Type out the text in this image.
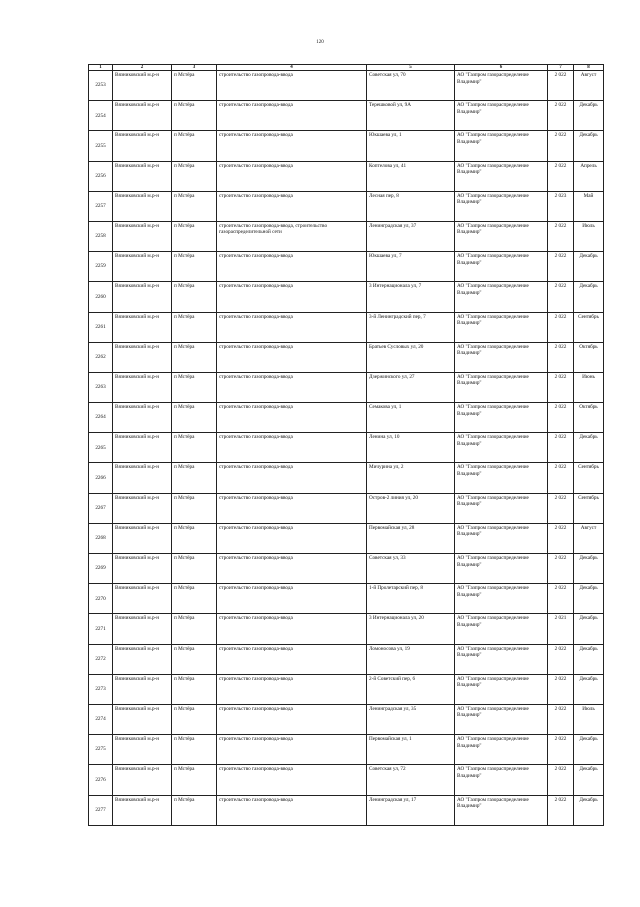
120
1	2	3	4	5	6	7	8
2253	Вязниковский м.р-н	п Мстёра	строительство газопровода-ввода	Советская ул, 70	АО "Газпром газораспределение Владимир"	2 022	Август
2254	Вязниковский м.р-н	п Мстёра	строительство газопровода-ввода	Терешковой ул, 9А	АО "Газпром газораспределение Владимир"	2 022	Декабрь
2255	Вязниковский м.р-н	п Мстёра	строительство газопровода-ввода	Юкшаева ул, 1	АО "Газпром газораспределение Владимир"	2 022	Декабрь
2256	Вязниковский м.р-н	п Мстёра	строительство газопровода-ввода	Коптелова ул, 41	АО "Газпром газораспределение Владимир"	2 022	Апрель
2257	Вязниковский м.р-н	п Мстёра	строительство газопровода-ввода	Лесная пер, 8	АО "Газпром газораспределение Владимир"	2 023	Май
2258	Вязниковский м.р-н	п Мстёра	строительство газопровода-ввода, строительство газораспределительной сети	Ленинградская ул, 37	АО "Газпром газораспределение Владимир"	2 022	Июль
2259	Вязниковский м.р-н	п Мстёра	строительство газопровода-ввода	Юкшаева ул, 7	АО "Газпром газораспределение Владимир"	2 022	Декабрь
2260	Вязниковский м.р-н	п Мстёра	строительство газопровода-ввода	3 Интернационала ул, 7	АО "Газпром газораспределение Владимир"	2 022	Декабрь
2261	Вязниковский м.р-н	п Мстёра	строительство газопровода-ввода	3-й Ленинградский пер, 7	АО "Газпром газораспределение Владимир"	2 022	Сентябрь
2262	Вязниковский м.р-н	п Мстёра	строительство газопровода-ввода	Братьев Сусловых ул, 20	АО "Газпром газораспределение Владимир"	2 022	Октябрь
2263	Вязниковский м.р-н	п Мстёра	строительство газопровода-ввода	Дзержинского ул, 27	АО "Газпром газораспределение Владимир"	2 022	Июнь
2264	Вязниковский м.р-н	п Мстёра	строительство газопровода-ввода	Семакова ул, 1	АО "Газпром газораспределение Владимир"	2 022	Октябрь
2265	Вязниковский м.р-н	п Мстёра	строительство газопровода-ввода	Ленина ул, 10	АО "Газпром газораспределение Владимир"	2 022	Декабрь
2266	Вязниковский м.р-н	п Мстёра	строительство газопровода-ввода	Мичурина ул, 2	АО "Газпром газораспределение Владимир"	2 022	Сентябрь
2267	Вязниковский м.р-н	п Мстёра	строительство газопровода-ввода	Остров-2 линия ул, 20	АО "Газпром газораспределение Владимир"	2 022	Сентябрь
2268	Вязниковский м.р-н	п Мстёра	строительство газопровода-ввода	Первомайская ул, 28	АО "Газпром газораспределение Владимир"	2 022	Август
2269	Вязниковский м.р-н	п Мстёра	строительство газопровода-ввода	Советская ул, 33	АО "Газпром газораспределение Владимир"	2 022	Декабрь
2270	Вязниковский м.р-н	п Мстёра	строительство газопровода-ввода	1-й Пролетарский пер, 8	АО "Газпром газораспределение Владимир"	2 022	Декабрь
2271	Вязниковский м.р-н	п Мстёра	строительство газопровода-ввода	3 Интернационала ул, 20	АО "Газпром газораспределение Владимир"	2 021	Декабрь
2272	Вязниковский м.р-н	п Мстёра	строительство газопровода-ввода	Ломоносова ул, 19	АО "Газпром газораспределение Владимир"	2 022	Декабрь
2273	Вязниковский м.р-н	п Мстёра	строительство газопровода-ввода	2-й Советский пер, 6	АО "Газпром газораспределение Владимир"	2 022	Декабрь
2274	Вязниковский м.р-н	п Мстёра	строительство газопровода-ввода	Ленинградская ул, 35	АО "Газпром газораспределение Владимир"	2 022	Июль
2275	Вязниковский м.р-н	п Мстёра	строительство газопровода-ввода	Первомайская ул, 1	АО "Газпром газораспределение Владимир"	2 022	Декабрь
2276	Вязниковский м.р-н	п Мстёра	строительство газопровода-ввода	Советская ул, 72	АО "Газпром газораспределение Владимир"	2 022	Декабрь
2277	Вязниковский м.р-н	п Мстёра	строительство газопровода-ввода	Ленинградская ул, 17	АО "Газпром газораспределение Владимир"	2 022	Декабрь
